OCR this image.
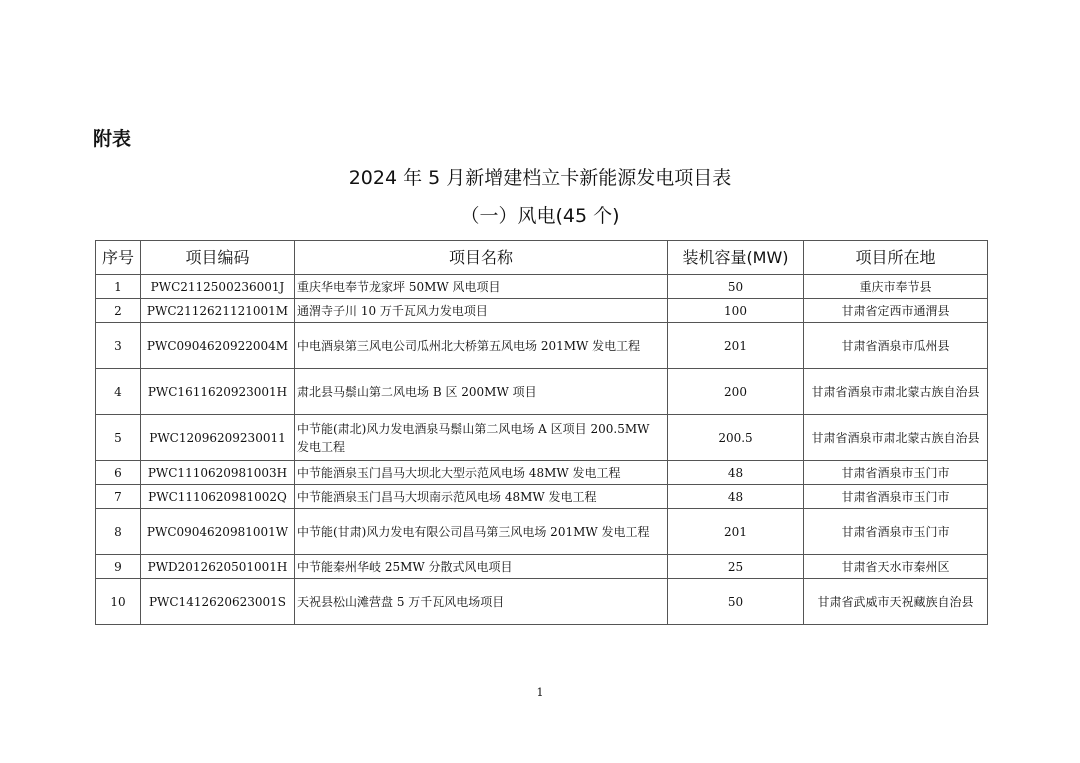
附表
2024 年 5 月新增建档立卡新能源发电项目表
（一）风电(45 个)
序号	项目编码	项目名称	装机容量(MW)	项目所在地
1	PWC2112500236001J	重庆华电奉节龙家坪 50MW 风电项目	50	重庆市奉节县
2	PWC2112621121001M	通渭寺子川 10 万千瓦风力发电项目	100	甘肃省定西市通渭县
3	PWC0904620922004M	中电酒泉第三风电公司瓜州北大桥第五风电场 201MW 发电工程	201	甘肃省酒泉市瓜州县
4	PWC1611620923001H	肃北县马鬃山第二风电场 B 区 200MW 项目	200	甘肃省酒泉市肃北蒙古族自治县
5	PWC12096209230011	中节能(肃北)风力发电酒泉马鬃山第二风电场 A 区项目 200.5MW 发电工程	200.5	甘肃省酒泉市肃北蒙古族自治县
6	PWC1110620981003H	中节能酒泉玉门昌马大坝北大型示范风电场 48MW 发电工程	48	甘肃省酒泉市玉门市
7	PWC1110620981002Q	中节能酒泉玉门昌马大坝南示范风电场 48MW 发电工程	48	甘肃省酒泉市玉门市
8	PWC0904620981001W	中节能(甘肃)风力发电有限公司昌马第三风电场 201MW 发电工程	201	甘肃省酒泉市玉门市
9	PWD2012620501001H	中节能秦州华岐 25MW 分散式风电项目	25	甘肃省天水市秦州区
10	PWC1412620623001S	天祝县松山滩营盘 5 万千瓦风电场项目	50	甘肃省武威市天祝藏族自治县
1
